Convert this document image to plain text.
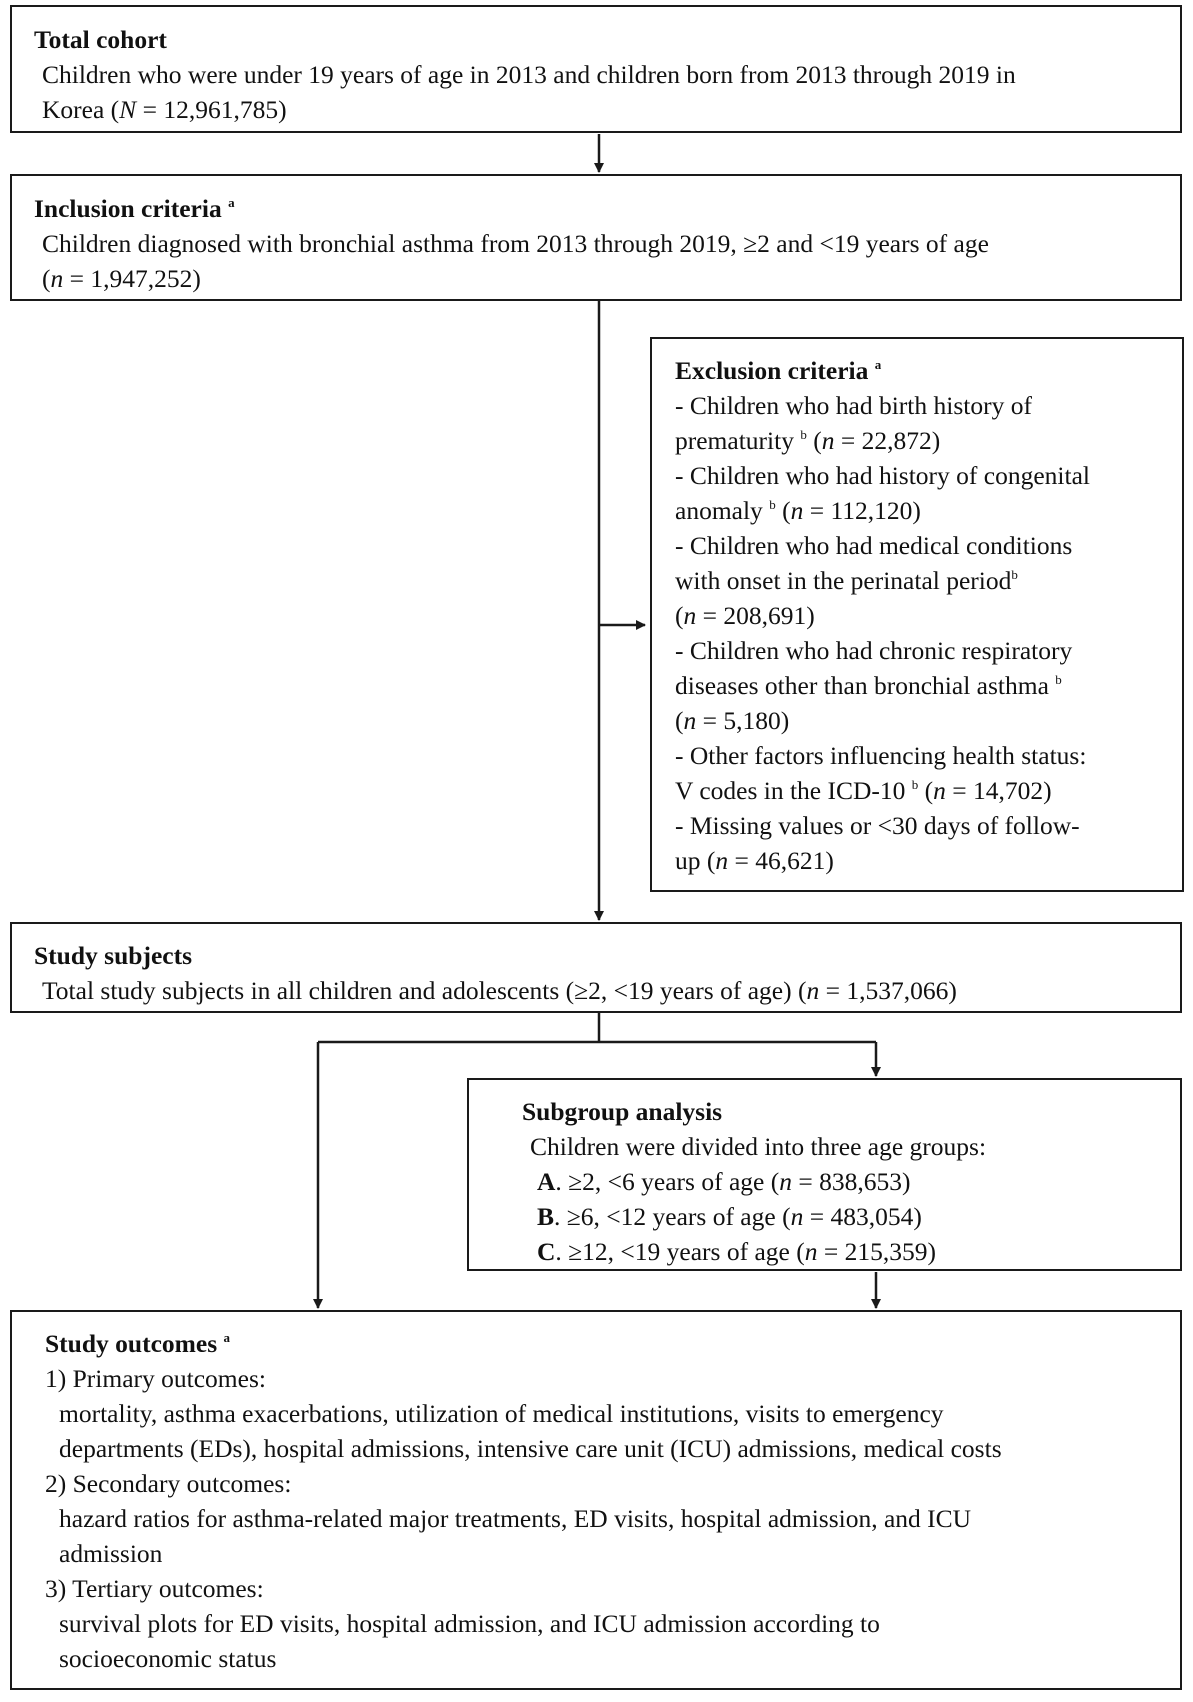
Total cohort
Children who were under 19 years of age in 2013 and children born from 2013 through 2019 in
Korea (N = 12,961,785)
Inclusion criteria $^a$
Children diagnosed with bronchial asthma from 2013 through 2019, ≥2 and <19 years of age
(n = 1,947,252)
Exclusion criteria $^a$
- Children who had birth history of
prematurity $^b$ (n = 22,872)
- Children who had history of congenital
anomaly $^b$ (n = 112,120)
- Children who had medical conditions
with onset in the perinatal period$^b$
(n = 208,691)
- Children who had chronic respiratory
diseases other than bronchial asthma $^b$
(n = 5,180)
- Other factors influencing health status:
V codes in the ICD-10 $^b$ (n = 14,702)
- Missing values or <30 days of follow-
up (n = 46,621)
Study subjects
Total study subjects in all children and adolescents (≥2, <19 years of age) (n = 1,537,066)
Subgroup analysis
Children were divided into three age groups:
A. ≥2, <6 years of age (n = 838,653)
B. ≥6, <12 years of age (n = 483,054)
C. ≥12, <19 years of age (n = 215,359)
Study outcomes $^a$
1) Primary outcomes:
mortality, asthma exacerbations, utilization of medical institutions, visits to emergency
departments (EDs), hospital admissions, intensive care unit (ICU) admissions, medical costs
2) Secondary outcomes:
hazard ratios for asthma-related major treatments, ED visits, hospital admission, and ICU
admission
3) Tertiary outcomes:
survival plots for ED visits, hospital admission, and ICU admission according to
socioeconomic status
